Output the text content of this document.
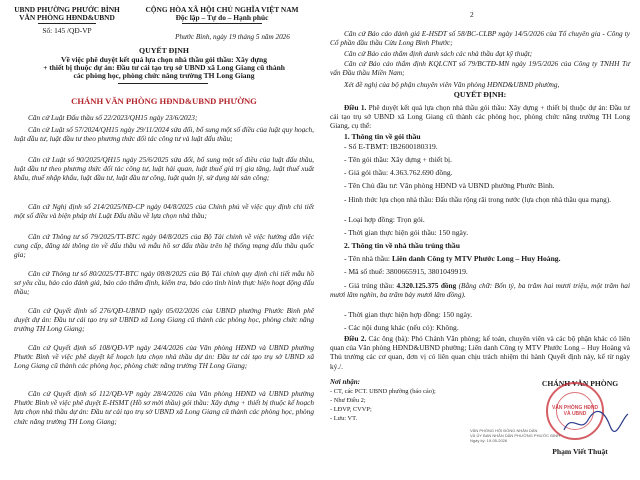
UBND PHƯỜNG PHƯỚC BÌNH
VĂN PHÒNG HĐND&UBND
Số: 145 /QĐ-VP
CỘNG HÒA XÃ HỘI CHỦ NGHĨA VIỆT NAM
Độc lập – Tự do – Hạnh phúc
Phước Bình, ngày 19 tháng 5 năm 2026
QUYẾT ĐỊNH
Về việc phê duyệt kết quả lựa chọn nhà thầu gói thầu: Xây dựng
+ thiết bị thuộc dự án: Đầu tư cải tạo trụ sở UBND xã Long Giang cũ thành
các phòng học, phòng chức năng trường TH Long Giang
CHÁNH VĂN PHÒNG HĐND&UBND PHƯỜNG
Căn cứ Luật Đấu thầu số 22/2023/QH15 ngày 23/6/2023;
Căn cứ Luật số 57/2024/QH15 ngày 29/11/2024 sửa đổi, bổ sung một số điều của luật quy hoạch, luật đầu tư, luật đầu tư theo phương thức đối tác công tư và luật đấu thầu;
Căn cứ Luật số 90/2025/QH15 ngày 25/6/2025 sửa đổi, bổ sung một số điều của luật đấu thầu, luật đầu tư theo phương thức đối tác công tư, luật hải quan, luật thuế giá trị gia tăng, luật thuế xuất khẩu, thuế nhập khẩu, luật đầu tư, luật đầu tư công, luật quản lý, sử dụng tài sản công;
Căn cứ Nghị định số 214/2025/NĐ-CP ngày 04/8/2025 của Chính phủ về việc quy định chi tiết một số điều và biện pháp thi Luật Đấu thầu về lựa chọn nhà thầu;
Căn cứ Thông tư số 79/2025/TT-BTC ngày 04/8/2025 của Bộ Tài chính về việc hướng dẫn việc cung cấp, đăng tải thông tin về đấu thầu và mẫu hồ sơ đấu thầu trên hệ thống mạng đấu thầu quốc gia;
Căn cứ Thông tư số 80/2025/TT-BTC ngày 08/8/2025 của Bộ Tài chính quy định chi tiết mẫu hồ sơ yêu cầu, báo cáo đánh giá, báo cáo thẩm định, kiểm tra, báo cáo tình hình thực hiện hoạt động đấu thầu;
Căn cứ Quyết định số 276/QĐ-UBND ngày 05/02/2026 của UBND phường Phước Bình phê duyệt dự án: Đầu tư cải tạo trụ sở UBND xã Long Giang cũ thành các phòng học, phòng chức năng trường TH Long Giang;
Căn cứ Quyết định số 108/QĐ-VP ngày 24/4/2026 của Văn phòng HĐND và UBND phường Phước Bình về việc phê duyệt kế hoạch lựa chọn nhà thầu dự án: Đầu tư cải tạo trụ sở UBND xã Long Giang cũ thành các phòng học, phòng chức năng trường TH Long Giang;
Căn cứ Quyết định số 112/QĐ-VP ngày 28/4/2026 của Văn phòng HĐND và UBND phường Phước Bình về việc phê duyệt E-HSMT (Hồ sơ mời thầu) gói thầu: Xây dựng + thiết bị thuộc kế hoạch lựa chọn nhà thầu dự án: Đầu tư cải tạo trụ sở UBND xã Long Giang cũ thành các phòng học, phòng chức năng trường TH Long Giang;
2
Căn cứ Báo cáo đánh giá E-HSDT số 58/BC-CLBP ngày 14/5/2026 của Tổ chuyên gia - Công ty Cổ phần đầu thầu Cửu Long Bình Phước;
Căn cứ Báo cáo thẩm định danh sách các nhà thầu đạt kỹ thuật;
Căn cứ Báo cáo thẩm định KQLCNT số 79/BCTĐ-MN ngày 19/5/2026 của Công ty TNHH Tư vấn Đầu thầu Miền Nam;
Xét đề nghị của bộ phận chuyên viên Văn phòng HĐND&UBND phường,
QUYẾT ĐỊNH:
Điều 1. Phê duyệt kết quả lựa chọn nhà thầu gói thầu: Xây dựng + thiết bị thuộc dự án: Đầu tư cải tạo trụ sở UBND xã Long Giang cũ thành các phòng học, phòng chức năng trường TH Long Giang, cụ thể:
1. Thông tin về gói thầu
- Số E-TBMT: IB2600180319.
- Tên gói thầu: Xây dựng + thiết bị.
- Giá gói thầu: 4.363.762.690 đồng.
- Tên Chủ đầu tư: Văn phòng HĐND và UBND phường Phước Bình.
- Hình thức lựa chọn nhà thầu: Đấu thầu rộng rãi trong nước (lựa chọn nhà thầu qua mạng).
- Loại hợp đồng: Trọn gói.
- Thời gian thực hiện gói thầu: 150 ngày.
2. Thông tin về nhà thầu trúng thầu
- Tên nhà thầu: Liên danh Công ty MTV Phước Long – Huy Hoàng.
- Mã số thuế: 3800665915, 3801049919.
- Giá trúng thầu: 4.320.125.375 đồng (Bằng chữ: Bốn tỷ, ba trăm hai mươi triệu, một trăm hai mươi lăm nghìn, ba trăm bảy mươi lăm đồng).
- Thời gian thực hiện hợp đồng: 150 ngày.
- Các nội dung khác (nếu có): Không.
Điều 2. Các ông (bà): Phó Chánh Văn phòng; kế toán, chuyên viên và các bộ phận khác có liên quan của Văn phòng HĐND&UBND phường; Liên danh Công ty MTV Phước Long – Huy Hoàng và Thủ trưởng các cơ quan, đơn vị có liên quan chịu trách nhiệm thi hành Quyết định này, kể từ ngày ký./.
Nơi nhận:
- CT, các PCT. UBND phường (báo cáo);
- Như Điều 2;
- LĐVP, CVVP;
- Lưu: VT.
CHÁNH VĂN PHÒNG
VĂN PHÒNG HĐND VÀ UBND
VĂN PHÒNG HỘI ĐỒNG NHÂN DÂN
VÀ ỦY BAN NHÂN DÂN PHƯỜNG PHƯỚC BÌNH
Ngày ký: 19-05-2026
Phạm Viết Thuật
